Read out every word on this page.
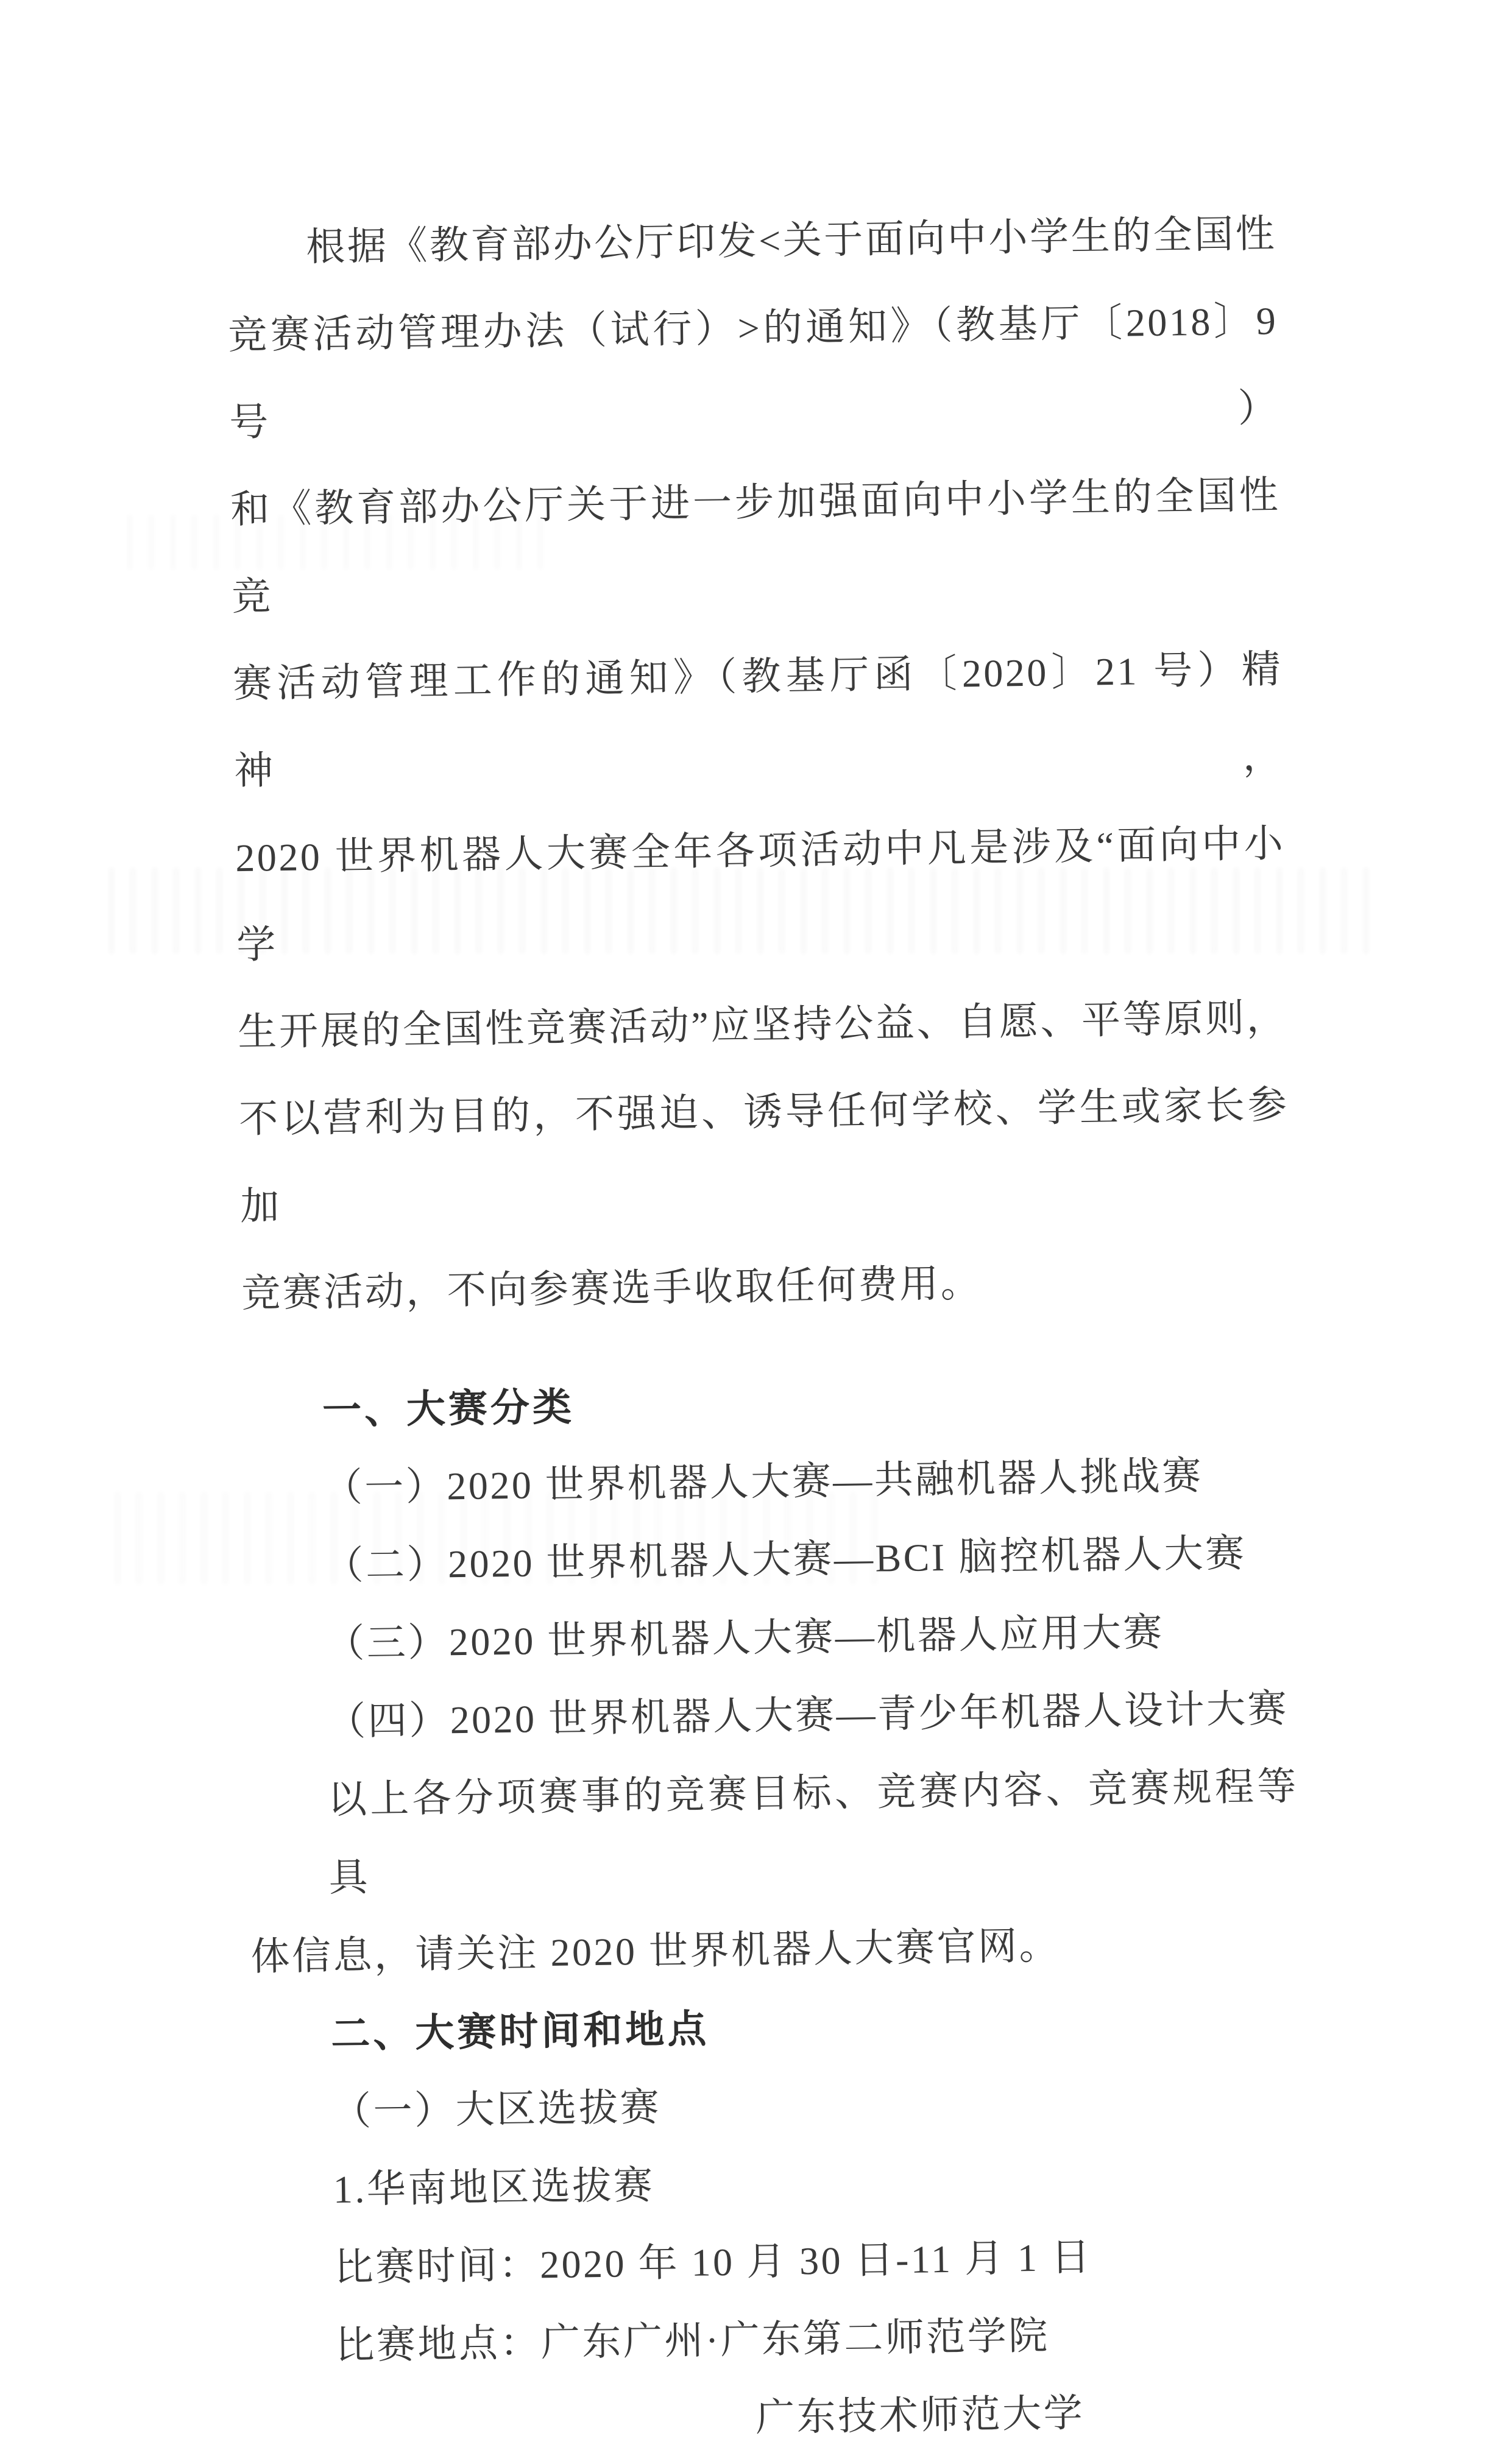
根据《教育部办公厅印发<关于面向中小学生的全国性
竞赛活动管理办法（试行）>的通知》（教基厅〔2018〕9 号）
和《教育部办公厅关于进一步加强面向中小学生的全国性竞
赛活动管理工作的通知》（教基厅函〔2020〕21 号）精神，
2020 世界机器人大赛全年各项活动中凡是涉及“面向中小学
生开展的全国性竞赛活动”应坚持公益、自愿、平等原则，
不以营利为目的，不强迫、诱导任何学校、学生或家长参加
竞赛活动，不向参赛选手收取任何费用。
一、大赛分类
（一）2020 世界机器人大赛—共融机器人挑战赛
（二）2020 世界机器人大赛—BCI 脑控机器人大赛
（三）2020 世界机器人大赛—机器人应用大赛
（四）2020 世界机器人大赛—青少年机器人设计大赛
以上各分项赛事的竞赛目标、竞赛内容、竞赛规程等具
体信息，请关注 2020 世界机器人大赛官网。
二、大赛时间和地点
（一）大区选拔赛
1.华南地区选拔赛
比赛时间：2020 年 10 月 30 日-11 月 1 日
比赛地点：广东广州·广东第二师范学院
广东技术师范大学
